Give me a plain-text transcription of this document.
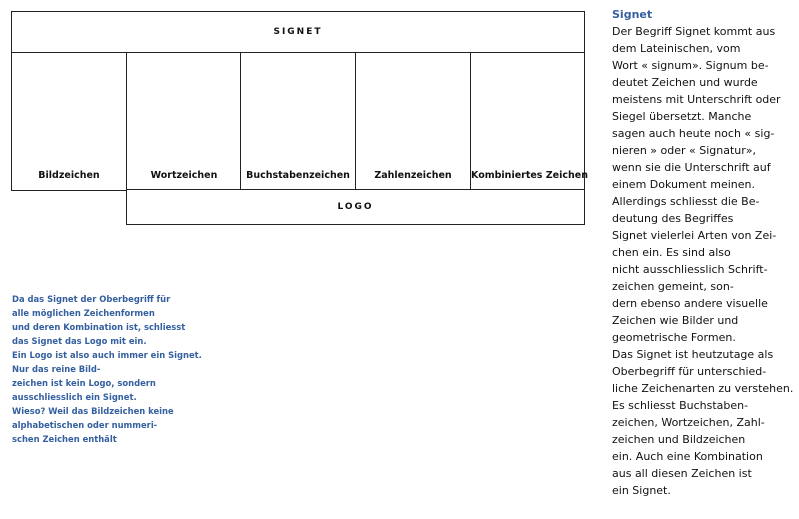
SIGNET
Bildzeichen	Wortzeichen	Buchstabenzeichen	Zahlenzeichen	Kombiniertes Zeichen
LOGO
Da das Signet der Oberbegriff für
alle möglichen Zeichenformen
und deren Kombination ist, schliesst
das Signet das Logo mit ein.
Ein Logo ist also auch immer ein Signet.
Nur das reine Bild-
zeichen ist kein Logo, sondern
ausschliesslich ein Signet.
Wieso? Weil das Bildzeichen keine
alphabetischen oder nummeri-
schen Zeichen enthält
Signet
Der Begriff Signet kommt aus
dem Lateinischen, vom
Wort « signum». Signum be-
deutet Zeichen und wurde
meistens mit Unterschrift oder
Siegel übersetzt. Manche
sagen auch heute noch « sig-
nieren » oder « Signatur»,
wenn sie die Unterschrift auf
einem Dokument meinen.
Allerdings schliesst die Be-
deutung des Begriffes
Signet vielerlei Arten von Zei-
chen ein. Es sind also
nicht ausschliesslich Schrift-
zeichen gemeint, son-
dern ebenso andere visuelle
Zeichen wie Bilder und
geometrische Formen.
Das Signet ist heutzutage als
Oberbegriff für unterschied-
liche Zeichenarten zu verstehen.
Es schliesst Buchstaben-
zeichen, Wortzeichen, Zahl-
zeichen und Bildzeichen
ein. Auch eine Kombination
aus all diesen Zeichen ist
ein Signet.
